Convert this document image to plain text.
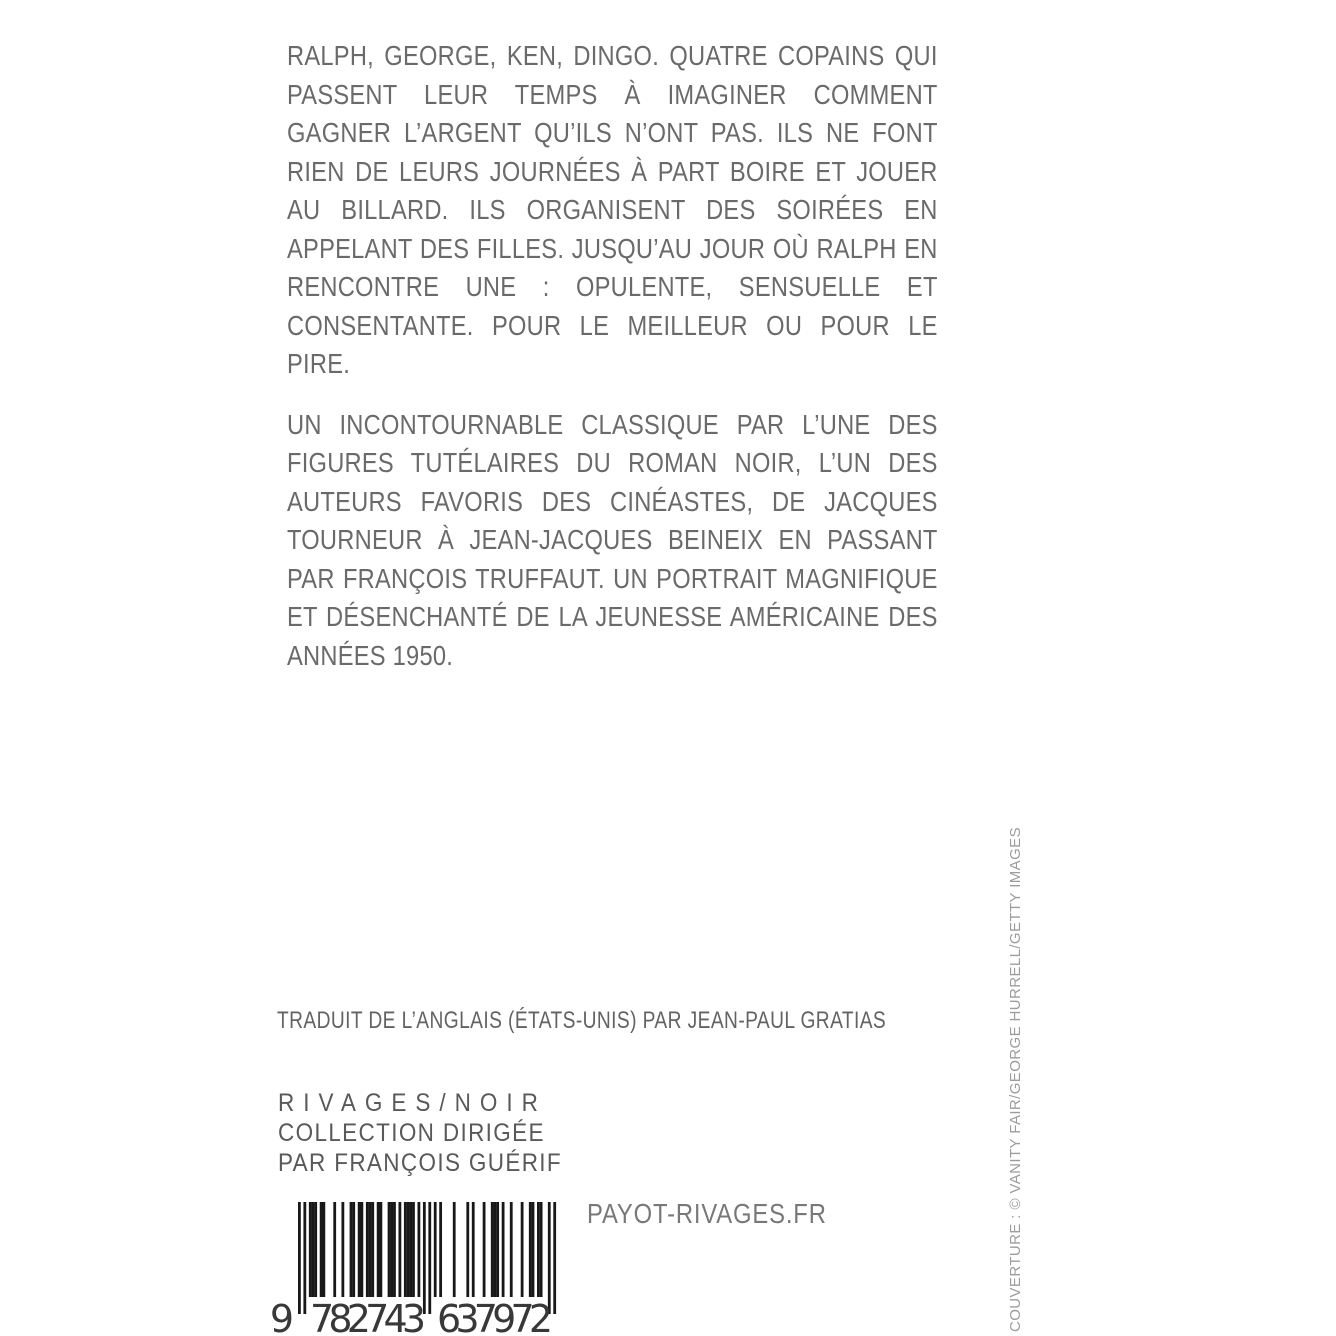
RALPH, GEORGE, KEN, DINGO. QUATRE COPAINS QUI PASSENT LEUR TEMPS À IMAGINER COMMENT GAGNER L’ARGENT QU’ILS N’ONT PAS. ILS NE FONT RIEN DE LEURS JOURNÉES À PART BOIRE ET JOUER AU BILLARD. ILS ORGANISENT DES SOIRÉES EN APPELANT DES FILLES. JUSQU’AU JOUR OÙ RALPH EN RENCONTRE UNE : OPULENTE, SENSUELLE ET CONSENTANTE. POUR LE MEILLEUR OU POUR LE PIRE.

UN INCONTOURNABLE CLASSIQUE PAR L’UNE DES FIGURES TUTÉLAIRES DU ROMAN NOIR, L’UN DES AUTEURS FAVORIS DES CINÉASTES, DE JACQUES TOURNEUR À JEAN-JACQUES BEINEIX EN PASSANT PAR FRANÇOIS TRUFFAUT. UN PORTRAIT MAGNIFIQUE ET DÉSENCHANTÉ DE LA JEUNESSE AMÉRICAINE DES ANNÉES 1950.

TRADUIT DE L’ANGLAIS (ÉTATS-UNIS) PAR JEAN-PAUL GRATIAS
RIVAGES/NOIR
COLLECTION DIRIGÉE
PAR FRANÇOIS GUÉRIF
PAYOT-RIVAGES.FR
9 782743 637972	COUVERTURE : © VANITY FAIR/GEORGE HURRELL/GETTY IMAGES
